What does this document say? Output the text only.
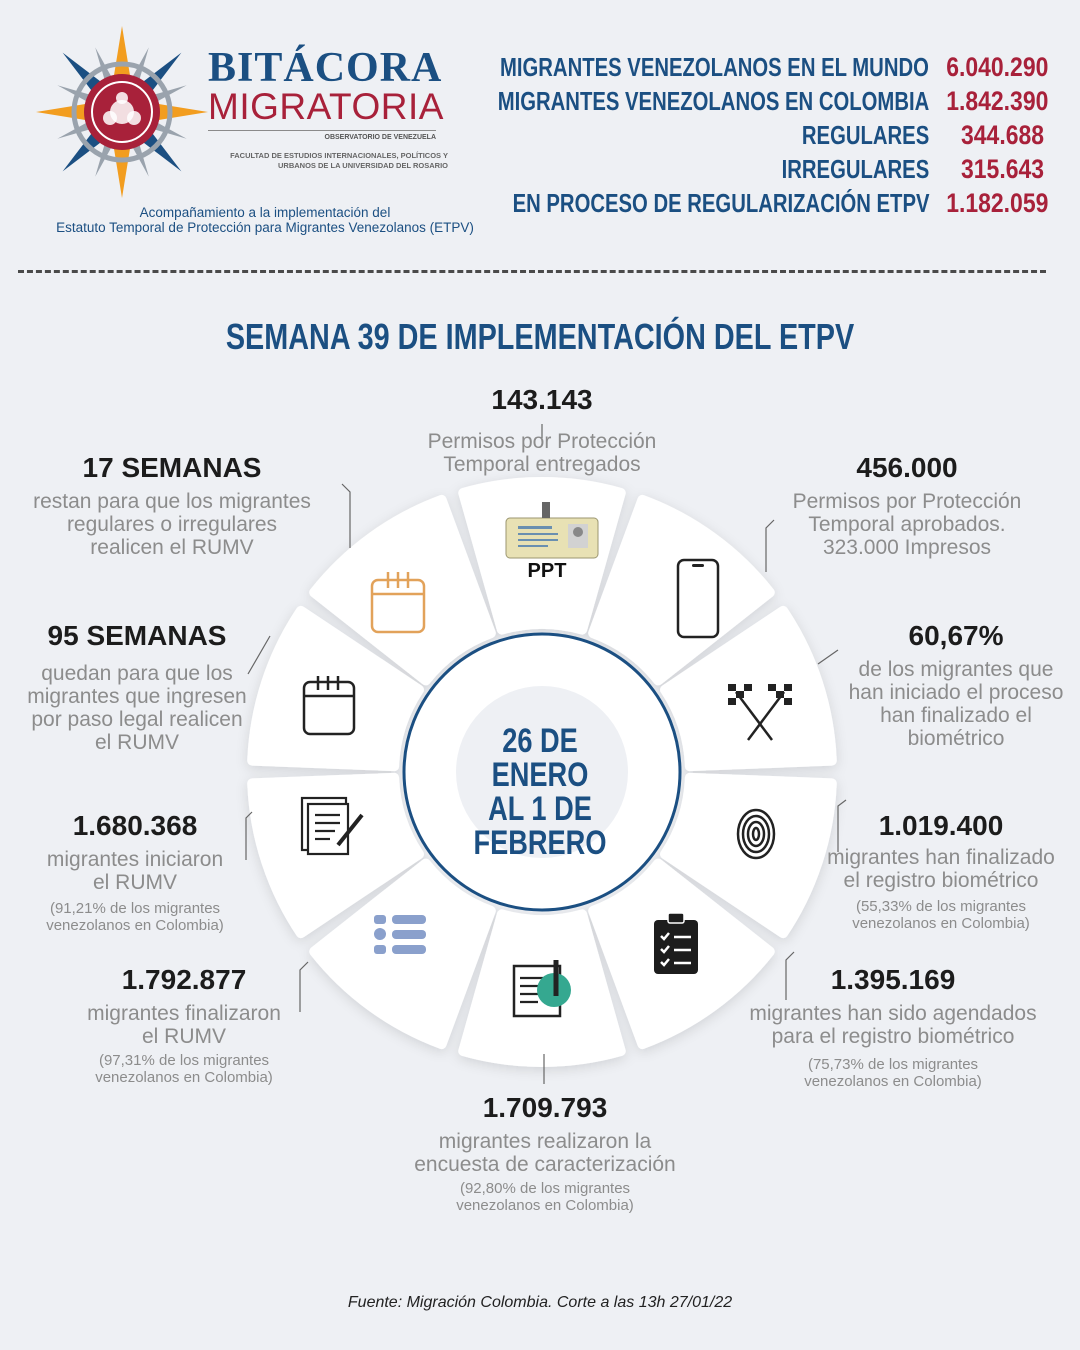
BITÁCORA
MIGRATORIA
OBSERVATORIO DE VENEZUELA
FACULTAD DE ESTUDIOS INTERNACIONALES, POLÍTICOS Y URBANOS DE LA UNIVERSIDAD DEL ROSARIO
Acompañamiento a la implementación del
Estatuto Temporal de Protección para Migrantes Venezolanos (ETPV)
MIGRANTES VENEZOLANOS EN EL MUNDO 6.040.290
MIGRANTES VENEZOLANOS EN COLOMBIA 1.842.390
REGULARES	344.688
IRREGULARES	315.643
EN PROCESO DE REGULARIZACIÓN ETPV 1.182.059
SEMANA 39 DE IMPLEMENTACIÓN DEL ETPV
PPT
26 DE ENERO
AL 1 DE
FEBRERO
143.143
Permisos por Protección
Temporal entregados	456.000
Permisos por Protección
Temporal aprobados.
323.000 Impresos
60,67%
de los migrantes que
han iniciado el proceso
han finalizado el
biométrico
1.019.400
migrantes han finalizado
el registro biométrico
(55,33% de los migrantes
venezolanos en Colombia)
1.395.169
migrantes han sido agendados
para el registro biométrico
(75,73% de los migrantes
venezolanos en Colombia)
1.709.793
migrantes realizaron la
encuesta de caracterización
(92,80% de los migrantes
venezolanos en Colombia)
1.792.877
migrantes finalizaron
el RUMV
(97,31% de los migrantes
venezolanos en Colombia)
1.680.368
migrantes iniciaron
el RUMV
(91,21% de los migrantes
venezolanos en Colombia)
95 SEMANAS
quedan para que los
migrantes que ingresen
por paso legal realicen
el RUMV
17 SEMANAS
restan para que los migrantes
regulares o irregulares
realicen el RUMV
Fuente: Migración Colombia. Corte a las 13h 27/01/22
